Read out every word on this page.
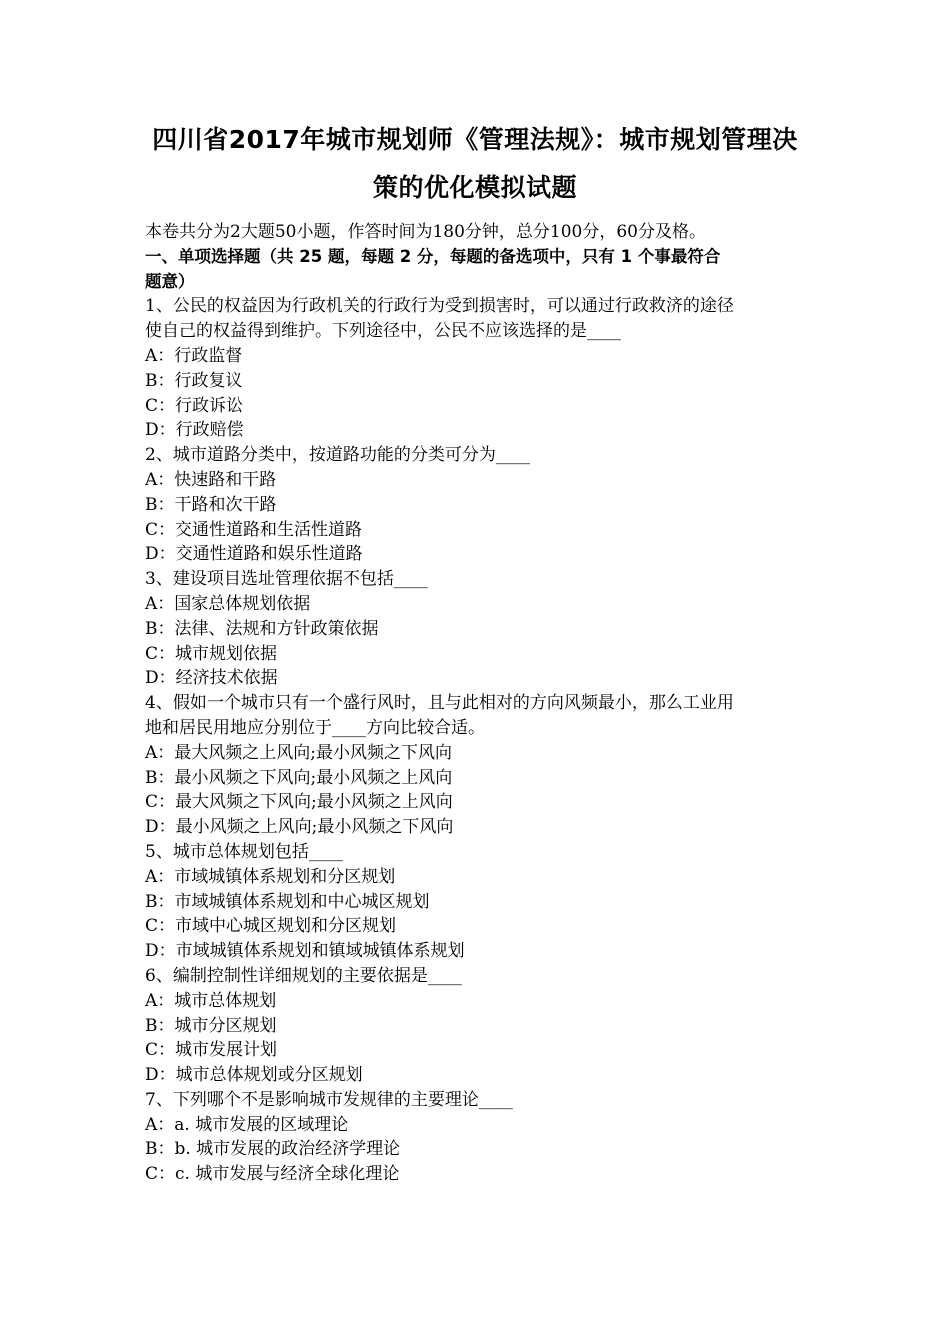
四川省2017年城市规划师《管理法规》：城市规划管理决
策的优化模拟试题
本卷共分为2大题50小题，作答时间为180分钟，总分100分，60分及格。
一、单项选择题（共 25 题，每题 2 分，每题的备选项中，只有 1 个事最符合
题意）
1、公民的权益因为行政机关的行政行为受到损害时，可以通过行政救济的途径
使自己的权益得到维护。下列途径中，公民不应该选择的是____
A：行政监督
B：行政复议
C：行政诉讼
D：行政赔偿
2、城市道路分类中，按道路功能的分类可分为____
A：快速路和干路
B：干路和次干路
C：交通性道路和生活性道路
D：交通性道路和娱乐性道路
3、建设项目选址管理依据不包括____
A：国家总体规划依据
B：法律、法规和方针政策依据
C：城市规划依据
D：经济技术依据
4、假如一个城市只有一个盛行风时，且与此相对的方向风频最小，那么工业用
地和居民用地应分别位于____方向比较合适。
A：最大风频之上风向;最小风频之下风向
B：最小风频之下风向;最小风频之上风向
C：最大风频之下风向;最小风频之上风向
D：最小风频之上风向;最小风频之下风向
5、城市总体规划包括____
A：市域城镇体系规划和分区规划
B：市域城镇体系规划和中心城区规划
C：市域中心城区规划和分区规划
D：市域城镇体系规划和镇域城镇体系规划
6、编制控制性详细规划的主要依据是____
A：城市总体规划
B：城市分区规划
C：城市发展计划
D：城市总体规划或分区规划
7、下列哪个不是影响城市发规律的主要理论____
A：a. 城市发展的区域理论
B：b. 城市发展的政治经济学理论
C：c. 城市发展与经济全球化理论
